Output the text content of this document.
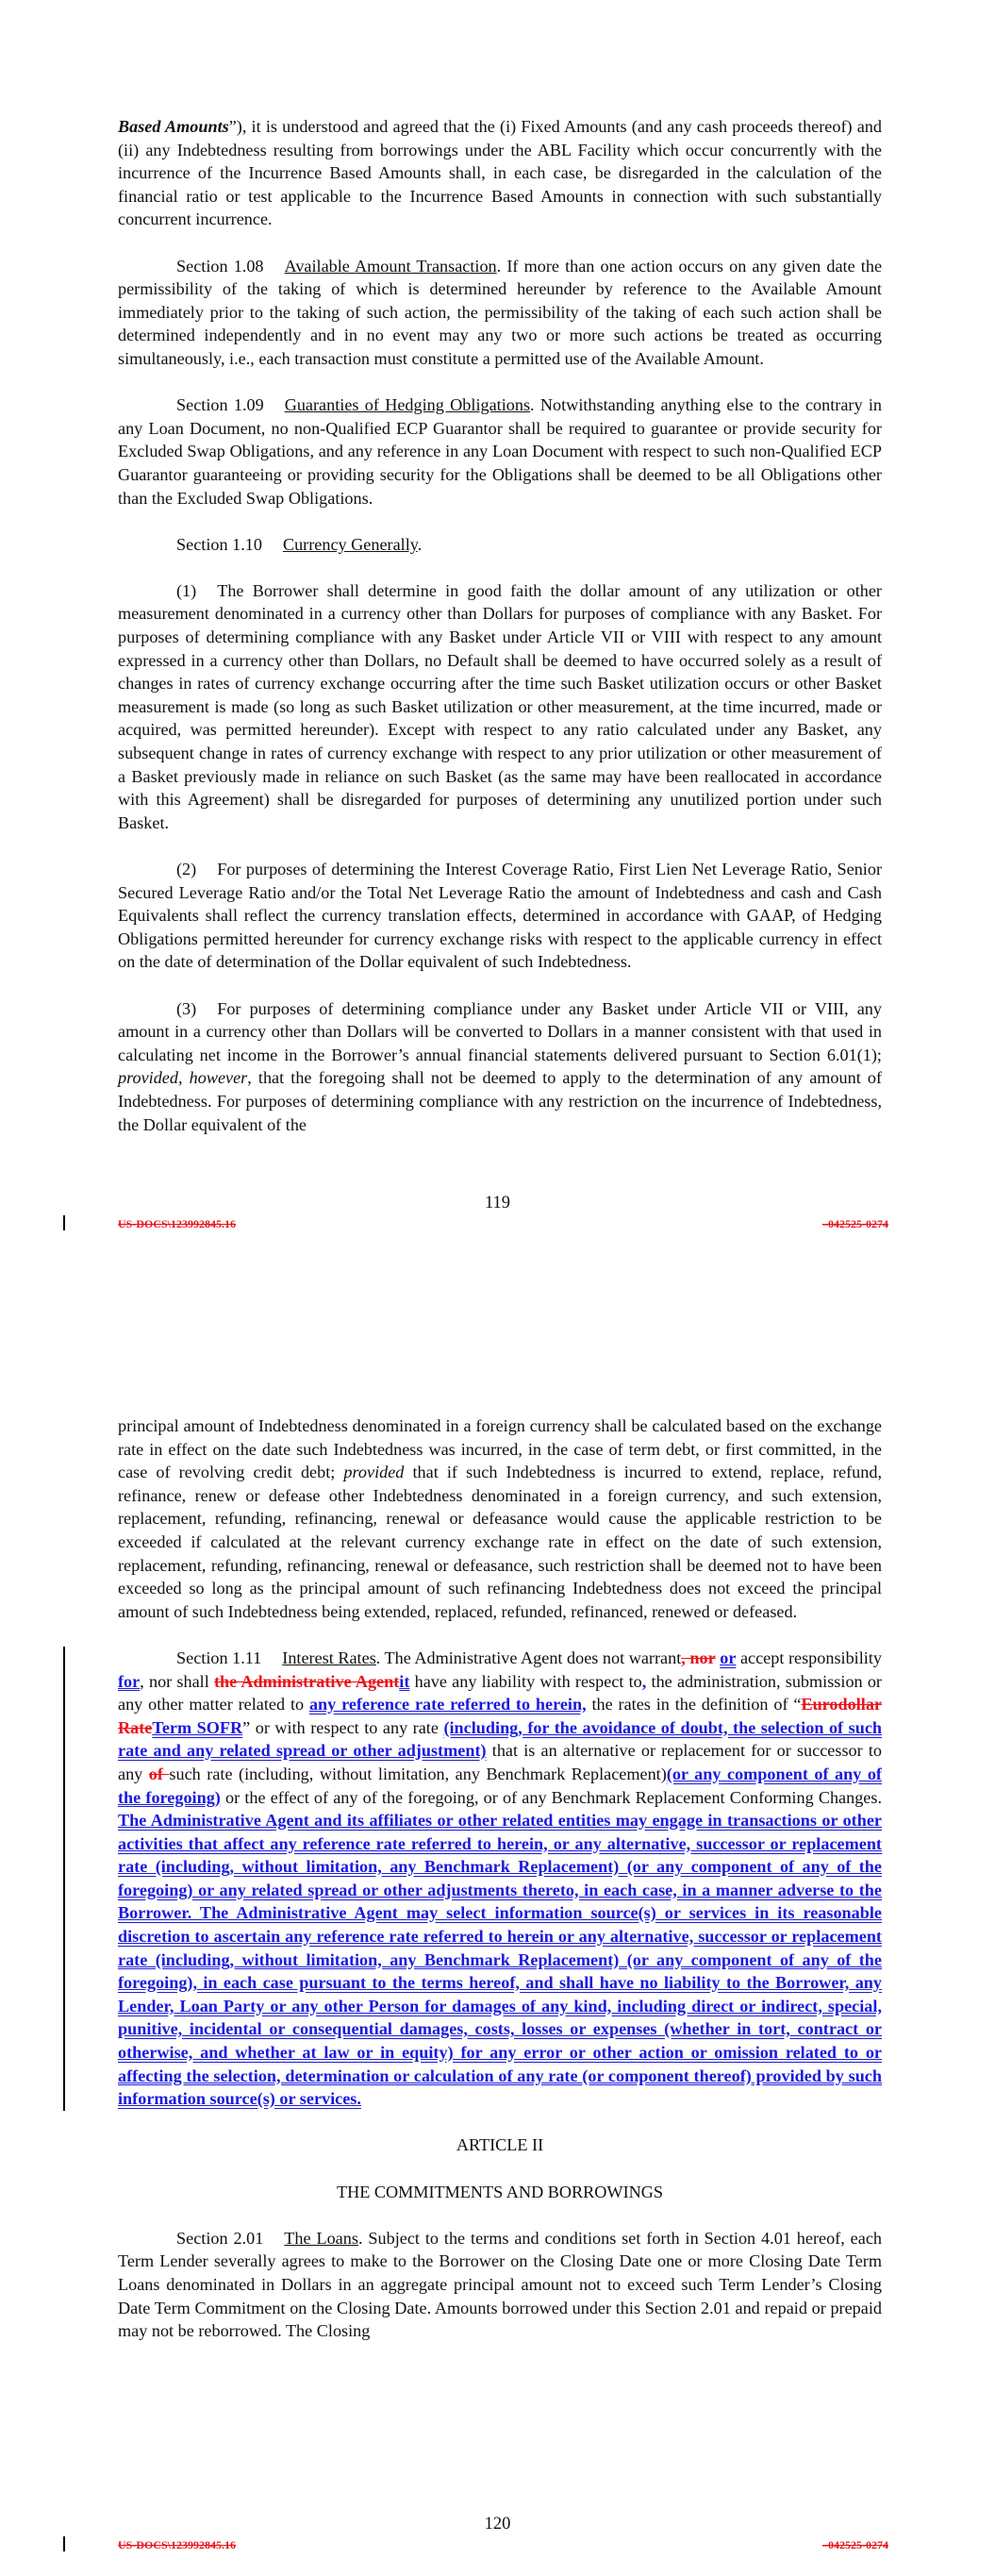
Based Amounts”), it is understood and agreed that the (i) Fixed Amounts (and any cash proceeds thereof) and (ii) any Indebtedness resulting from borrowings under the ABL Facility which occur concurrently with the incurrence of the Incurrence Based Amounts shall, in each case, be disregarded in the calculation of the financial ratio or test applicable to the Incurrence Based Amounts in connection with such substantially concurrent incurrence.

Section 1.08 Available Amount Transaction. If more than one action occurs on any given date the permissibility of the taking of which is determined hereunder by reference to the Available Amount immediately prior to the taking of such action, the permissibility of the taking of each such action shall be determined independently and in no event may any two or more such actions be treated as occurring simultaneously, i.e., each transaction must constitute a permitted use of the Available Amount.

Section 1.09 Guaranties of Hedging Obligations. Notwithstanding anything else to the contrary in any Loan Document, no non-Qualified ECP Guarantor shall be required to guarantee or provide security for Excluded Swap Obligations, and any reference in any Loan Document with respect to such non-Qualified ECP Guarantor guaranteeing or providing security for the Obligations shall be deemed to be all Obligations other than the Excluded Swap Obligations.

Section 1.10 Currency Generally.

(1) The Borrower shall determine in good faith the dollar amount of any utilization or other measurement denominated in a currency other than Dollars for purposes of compliance with any Basket. For purposes of determining compliance with any Basket under Article VII or VIII with respect to any amount expressed in a currency other than Dollars, no Default shall be deemed to have occurred solely as a result of changes in rates of currency exchange occurring after the time such Basket utilization occurs or other Basket measurement is made (so long as such Basket utilization or other measurement, at the time incurred, made or acquired, was permitted hereunder). Except with respect to any ratio calculated under any Basket, any subsequent change in rates of currency exchange with respect to any prior utilization or other measurement of a Basket previously made in reliance on such Basket (as the same may have been reallocated in accordance with this Agreement) shall be disregarded for purposes of determining any unutilized portion under such Basket.

(2) For purposes of determining the Interest Coverage Ratio, First Lien Net Leverage Ratio, Senior Secured Leverage Ratio and/or the Total Net Leverage Ratio the amount of Indebtedness and cash and Cash Equivalents shall reflect the currency translation effects, determined in accordance with GAAP, of Hedging Obligations permitted hereunder for currency exchange risks with respect to the applicable currency in effect on the date of determination of the Dollar equivalent of such Indebtedness.

(3) For purposes of determining compliance under any Basket under Article VII or VIII, any amount in a currency other than Dollars will be converted to Dollars in a manner consistent with that used in calculating net income in the Borrower’s annual financial statements delivered pursuant to Section 6.01(1); provided, however, that the foregoing shall not be deemed to apply to the determination of any amount of Indebtedness. For purposes of determining compliance with any restriction on the incurrence of Indebtedness, the Dollar equivalent of the

119
US-DOCS\123992845.16	–042525-0274

principal amount of Indebtedness denominated in a foreign currency shall be calculated based on the exchange rate in effect on the date such Indebtedness was incurred, in the case of term debt, or first committed, in the case of revolving credit debt; provided that if such Indebtedness is incurred to extend, replace, refund, refinance, renew or defease other Indebtedness denominated in a foreign currency, and such extension, replacement, refunding, refinancing, renewal or defeasance would cause the applicable restriction to be exceeded if calculated at the relevant currency exchange rate in effect on the date of such extension, replacement, refunding, refinancing, renewal or defeasance, such restriction shall be deemed not to have been exceeded so long as the principal amount of such refinancing Indebtedness does not exceed the principal amount of such Indebtedness being extended, replaced, refunded, refinanced, renewed or defeased.

Section 1.11 Interest Rates. The Administrative Agent does not warrant, nor or accept responsibility for, nor shall the Administrative Agentit have any liability with respect to, the administration, submission or any other matter related to any reference rate referred to herein, the rates in the definition of “Eurodollar RateTerm SOFR” or with respect to any rate (including, for the avoidance of doubt, the selection of such rate and any related spread or other adjustment) that is an alternative or replacement for or successor to any of such rate (including, without limitation, any Benchmark Replacement)(or any component of any of the foregoing) or the effect of any of the foregoing, or of any Benchmark Replacement Conforming Changes. The Administrative Agent and its affiliates or other related entities may engage in transactions or other activities that affect any reference rate referred to herein, or any alternative, successor or replacement rate (including, without limitation, any Benchmark Replacement) (or any component of any of the foregoing) or any related spread or other adjustments thereto, in each case, in a manner adverse to the Borrower. The Administrative Agent may select information source(s) or services in its reasonable discretion to ascertain any reference rate referred to herein or any alternative, successor or replacement rate (including, without limitation, any Benchmark Replacement) (or any component of any of the foregoing), in each case pursuant to the terms hereof, and shall have no liability to the Borrower, any Lender, Loan Party or any other Person for damages of any kind, including direct or indirect, special, punitive, incidental or consequential damages, costs, losses or expenses (whether in tort, contract or otherwise, and whether at law or in equity) for any error or other action or omission related to or affecting the selection, determination or calculation of any rate (or component thereof) provided by such information source(s) or services.

ARTICLE II

THE COMMITMENTS AND BORROWINGS

Section 2.01 The Loans. Subject to the terms and conditions set forth in Section 4.01 hereof, each Term Lender severally agrees to make to the Borrower on the Closing Date one or more Closing Date Term Loans denominated in Dollars in an aggregate principal amount not to exceed such Term Lender’s Closing Date Term Commitment on the Closing Date. Amounts borrowed under this Section 2.01 and repaid or prepaid may not be reborrowed. The Closing

120
US-DOCS\123992845.16	–042525-0274
